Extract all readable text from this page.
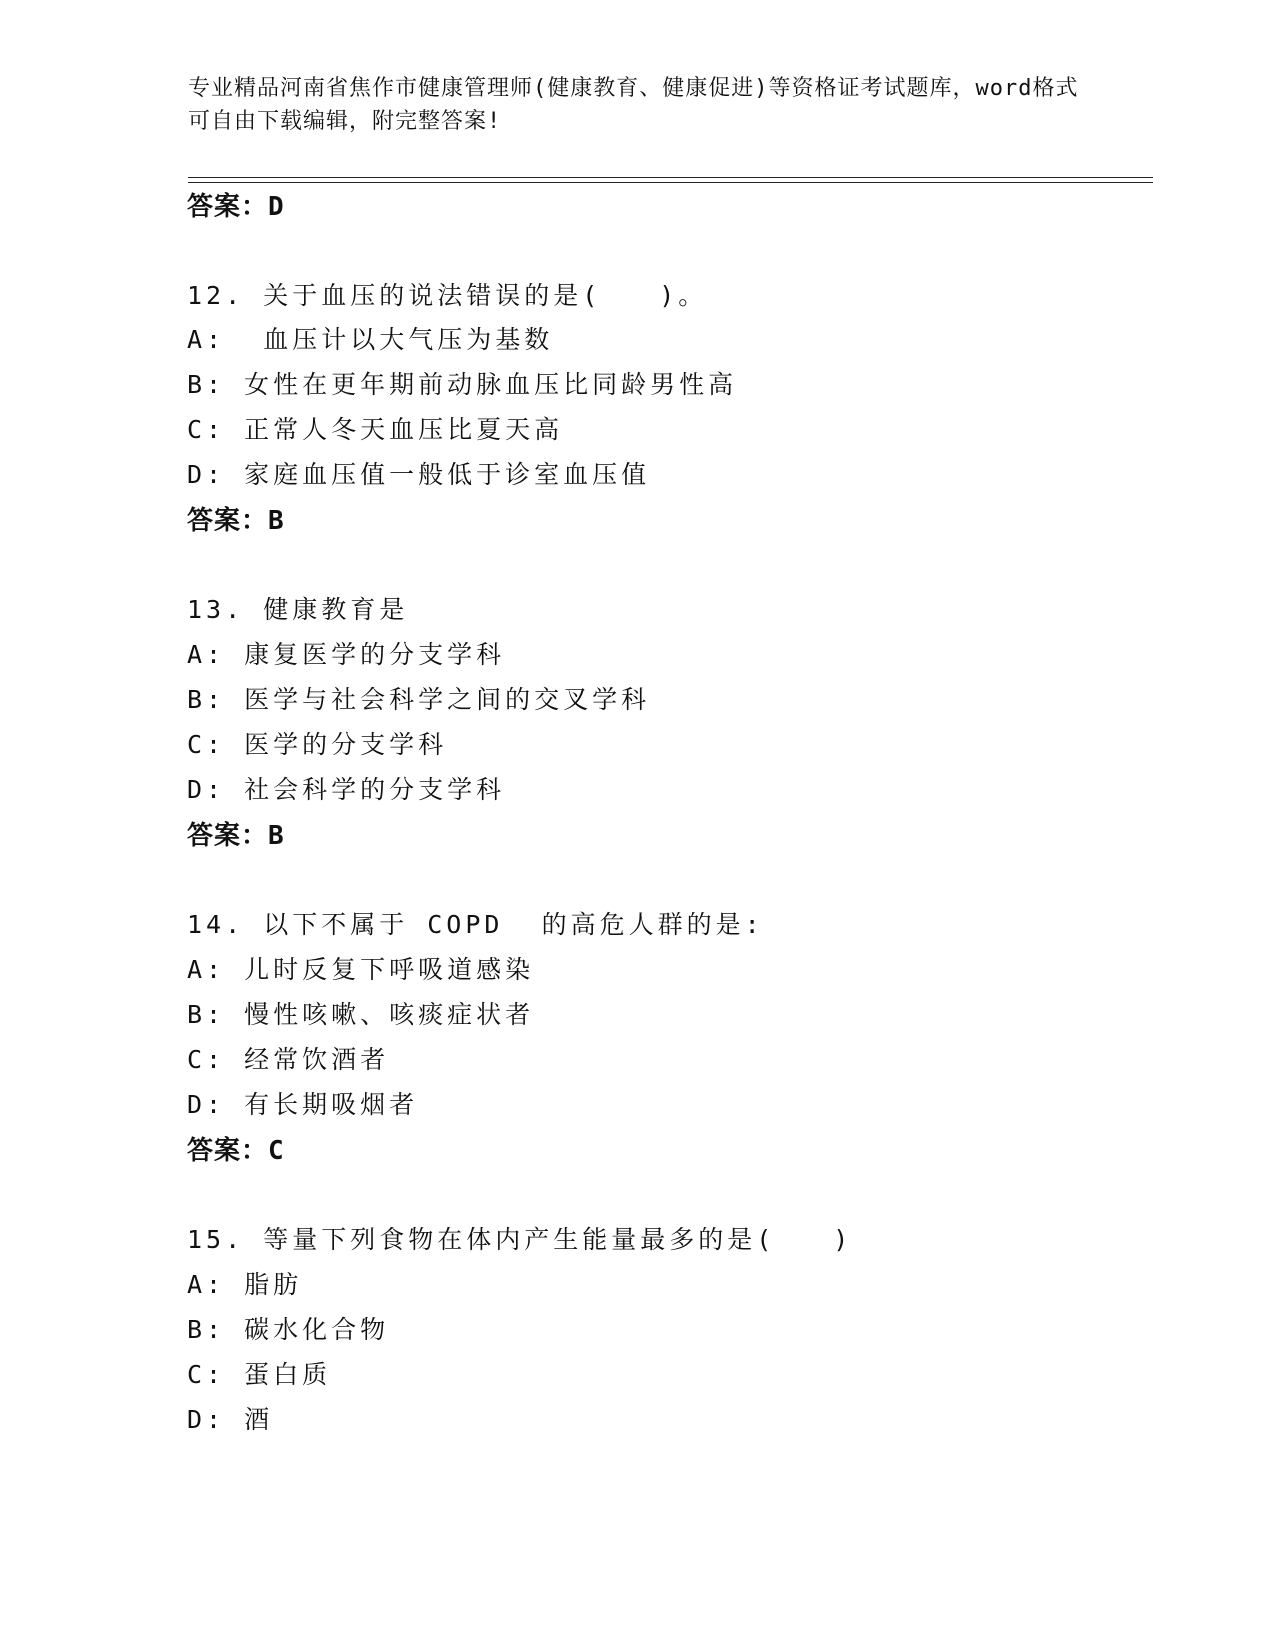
专业精品河南省焦作市健康管理师(健康教育、健康促进)等资格证考试题库，word格式可自由下载编辑，附完整答案!
答案：D
12. 关于血压的说法错误的是(　　)。
A:  血压计以大气压为基数
B: 女性在更年期前动脉血压比同龄男性高
C: 正常人冬天血压比夏天高
D: 家庭血压值一般低于诊室血压值
答案：B
13. 健康教育是
A: 康复医学的分支学科
B: 医学与社会科学之间的交叉学科
C: 医学的分支学科
D: 社会科学的分支学科
答案：B
14. 以下不属于 COPD  的高危人群的是:
A: 儿时反复下呼吸道感染
B: 慢性咳嗽、咳痰症状者
C: 经常饮酒者
D: 有长期吸烟者
答案：C
15. 等量下列食物在体内产生能量最多的是(　　)
A: 脂肪
B: 碳水化合物
C: 蛋白质
D: 酒
